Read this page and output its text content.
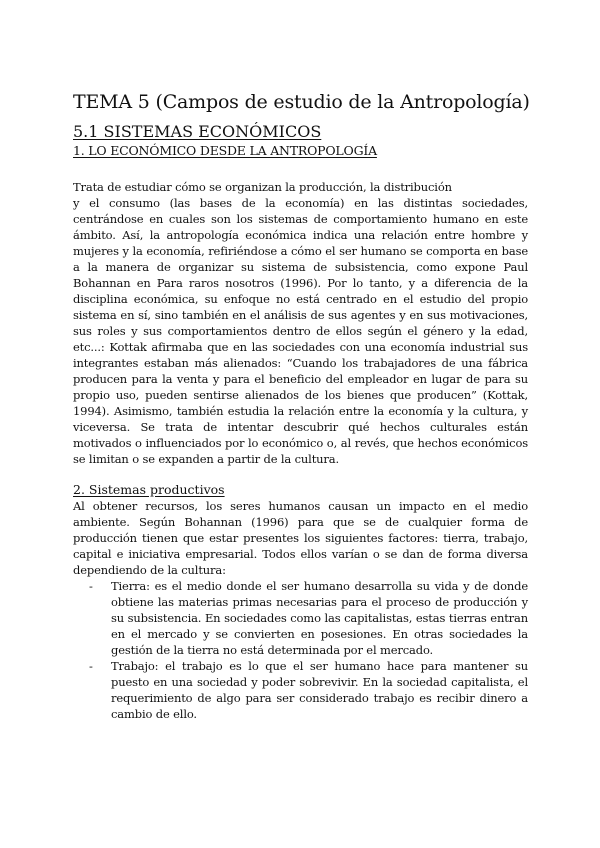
TEMA 5 (Campos de estudio de la Antropología)
5.1 SISTEMAS ECONÓMICOS
1. LO ECONÓMICO DESDE LA ANTROPOLOGÍA

Trata de estudiar cómo se organizan la producción, la distribución
y el consumo (las bases de la economía) en las distintas sociedades, centrándose en cuales son los sistemas de comportamiento humano en este ámbito. Así, la antropología económica indica una relación entre hombre y mujeres y la economía, refiriéndose a cómo el ser humano se comporta en base a la manera de organizar su sistema de subsistencia, como expone Paul Bohannan en Para raros nosotros (1996). Por lo tanto, y a diferencia de la disciplina económica, su enfoque no está centrado en el estudio del propio sistema en sí, sino también en el análisis de sus agentes y en sus motivaciones, sus roles y sus comportamientos dentro de ellos según el género y la edad, etc...: Kottak afirmaba que en las sociedades con una economía industrial sus integrantes estaban más alienados: “Cuando los trabajadores de una fábrica producen para la venta y para el beneficio del empleador en lugar de para su propio uso, pueden sentirse alienados de los bienes que producen” (Kottak, 1994). Asimismo, también estudia la relación entre la economía y la cultura, y viceversa. Se trata de intentar descubrir qué hechos culturales están motivados o influenciados por lo económico o, al revés, que hechos económicos se limitan o se expanden a partir de la cultura.

2. Sistemas productivos

Al obtener recursos, los seres humanos causan un impacto en el medio ambiente. Según Bohannan (1996) para que se de cualquier forma de producción tienen que estar presentes los siguientes factores: tierra, trabajo, capital e iniciativa empresarial. Todos ellos varían o se dan de forma diversa dependiendo de la cultura:

- Tierra: es el medio donde el ser humano desarrolla su vida y de donde obtiene las materias primas necesarias para el proceso de producción y su subsistencia. En sociedades como las capitalistas, estas tierras entran en el mercado y se convierten en posesiones. En otras sociedades la gestión de la tierra no está determinada por el mercado.
- Trabajo: el trabajo es lo que el ser humano hace para mantener su puesto en una sociedad y poder sobrevivir. En la sociedad capitalista, el requerimiento de algo para ser considerado trabajo es recibir dinero a cambio de ello.
